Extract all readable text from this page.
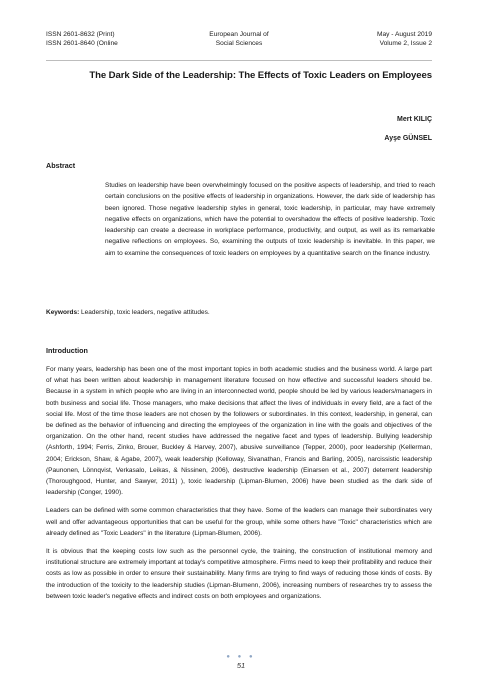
ISSN 2601-8632 (Print)
ISSN 2601-8640 (Online
European Journal of
Social Sciences
May - August 2019
Volume 2, Issue 2
The Dark Side of the Leadership: The Effects of Toxic Leaders on Employees
Mert KILIÇ
Ayşe GÜNSEL
Abstract
Studies on leadership have been overwhelmingly focused on the positive aspects of leadership, and tried to reach certain conclusions on the positive effects of leadership in organizations. However, the dark side of leadership has been ignored. Those negative leadership styles in general, toxic leadership, in particular, may have extremely negative effects on organizations, which have the potential to overshadow the effects of positive leadership. Toxic leadership can create a decrease in workplace performance, productivity, and output, as well as its remarkable negative reflections on employees. So, examining the outputs of toxic leadership is inevitable. In this paper, we aim to examine the consequences of toxic leaders on employees by a quantitative search on the finance industry.
Keywords: Leadership, toxic leaders, negative attitudes.
Introduction

For many years, leadership has been one of the most important topics in both academic studies and the business world. A large part of what has been written about leadership in management literature focused on how effective and successful leaders should be. Because in a system in which people who are living in an interconnected world, people should be led by various leaders/managers in both business and social life. Those managers, who make decisions that affect the lives of individuals in every field, are a fact of the social life. Most of the time those leaders are not chosen by the followers or subordinates. In this context, leadership, in general, can be defined as the behavior of influencing and directing the employees of the organization in line with the goals and objectives of the organization. On the other hand, recent studies have addressed the negative facet and types of leadership. Bullying leadership (Ashforth, 1994; Ferris, Zinko, Brouer, Buckley & Harvey, 2007), abusive surveillance (Tepper, 2000), poor leadership (Kellerman, 2004; Erickson, Shaw, & Agabe, 2007), weak leadership (Kelloway, Sivanathan, Francis and Barling, 2005), narcissistic leadership (Paunonen, Lönnqvist, Verkasalo, Leikas, & Nissinen, 2006), destructive leadership (Einarsen et al., 2007) deterrent leadership (Thoroughgood, Hunter, and Sawyer, 2011) ), toxic leadership (Lipman-Blumen, 2006) have been studied as the dark side of leadership (Conger, 1990).

Leaders can be defined with some common characteristics that they have. Some of the leaders can manage their subordinates very well and offer advantageous opportunities that can be useful for the group, while some others have "Toxic" characteristics which are already defined as "Toxic Leaders" in the literature (Lipman-Blumen, 2006).

It is obvious that the keeping costs low such as the personnel cycle, the training, the construction of institutional memory and institutional structure are extremely important at today's competitive atmosphere. Firms need to keep their profitability and reduce their costs as low as possible in order to ensure their sustainability. Many firms are trying to find ways of reducing those kinds of costs. By the introduction of the toxicity to the leadership studies (Lipman-Blumenn, 2006), increasing numbers of researches try to assess the between toxic leader's negative effects and indirect costs on both employees and organizations.

● ● ●
51
